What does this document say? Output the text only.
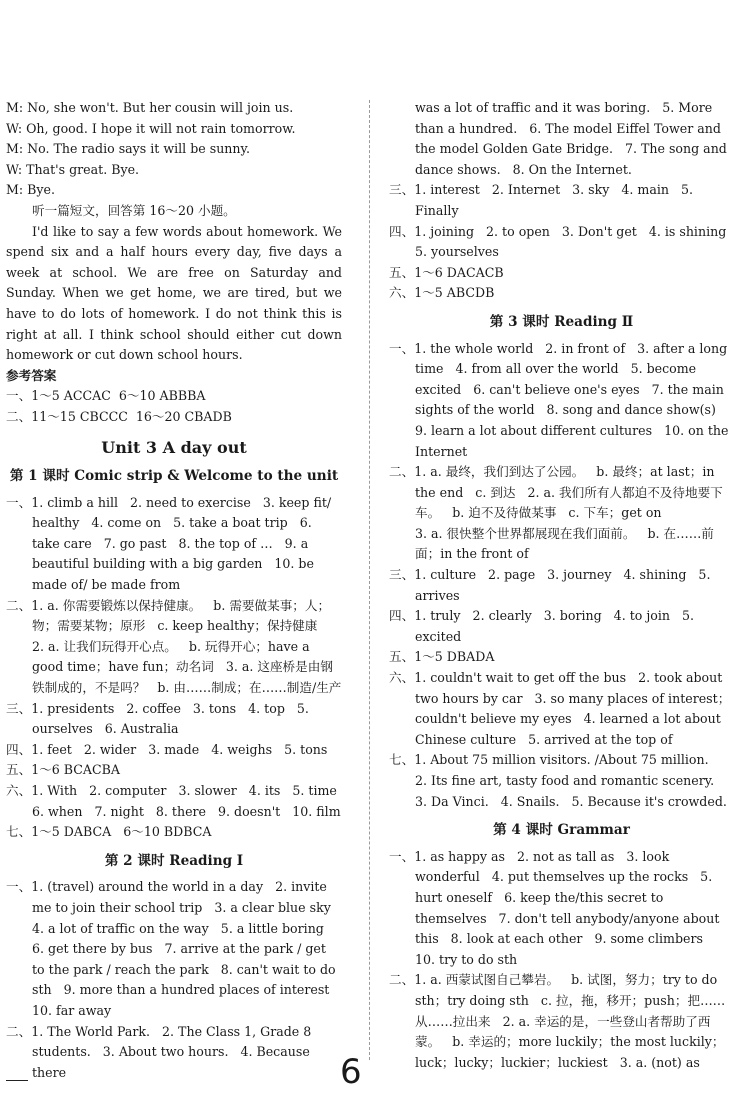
M: No, she won't. But her cousin will join us.
W: Oh, good. I hope it will not rain tomorrow.
M: No. The radio says it will be sunny.
W: That's great. Bye.
M: Bye.
听一篇短文，回答第 16～20 小题。
I'd like to say a few words about homework. We spend six and a half hours every day, five days a week at school. We are free on Saturday and Sunday. When we get home, we are tired, but we have to do lots of homework. I do not think this is right at all. I think school should either cut down homework or cut down school hours.
参考答案
一、1～5 ACCAC  6～10 ABBBA
二、11～15 CBCCC  16～20 CBADB
Unit 3 A day out
第 1 课时 Comic strip & Welcome to the unit
一、1. climb a hill   2. need to exercise   3. keep fit/ healthy   4. come on   5. take a boat trip   6. take care   7. go past   8. the top of …   9. a beautiful building with a big garden   10. be made of/ be made from
二、1. a. 你需要锻炼以保持健康。   b. 需要做某事；人；物；需要某物；原形   c. keep healthy；保持健康
2. a. 让我们玩得开心点。   b. 玩得开心；have a good time；have fun；动名词   3. a. 这座桥是由钢铁制成的，不是吗？   b. 由……制成；在……制造/生产
三、1. presidents   2. coffee   3. tons   4. top   5. ourselves   6. Australia
四、1. feet   2. wider   3. made   4. weighs   5. tons
五、1～6 BCACBA
六、1. With   2. computer   3. slower   4. its   5. time   6. when   7. night   8. there   9. doesn't   10. film
七、1～5 DABCA   6～10 BDBCA
第 2 课时 Reading Ⅰ
一、1. (travel) around the world in a day   2. invite me to join their school trip   3. a clear blue sky   4. a lot of traffic on the way   5. a little boring   6. get there by bus   7. arrive at the park / get to the park / reach the park   8. can't wait to do sth   9. more than a hundred places of interest   10. far away
二、1. The World Park.   2. The Class 1, Grade 8 students.   3. About two hours.   4. Because there
was a lot of traffic and it was boring.   5. More than a hundred.   6. The model Eiffel Tower and the model Golden Gate Bridge.   7. The song and dance shows.   8. On the Internet.
三、1. interest   2. Internet   3. sky   4. main   5. Finally
四、1. joining   2. to open   3. Don't get   4. is shining   5. yourselves
五、1～6 DACACB
六、1～5 ABCDB
第 3 课时 Reading Ⅱ
一、1. the whole world   2. in front of   3. after a long time   4. from all over the world   5. become excited   6. can't believe one's eyes   7. the main sights of the world   8. song and dance show(s)   9. learn a lot about different cultures   10. on the Internet
二、1. a. 最终，我们到达了公园。   b. 最终；at last；in the end   c. 到达   2. a. 我们所有人都迫不及待地要下车。   b. 迫不及待做某事   c. 下车；get on
3. a. 很快整个世界都展现在我们面前。   b. 在……前面；in the front of
三、1. culture   2. page   3. journey   4. shining   5. arrives
四、1. truly   2. clearly   3. boring   4. to join   5. excited
五、1～5 DBADA
六、1. couldn't wait to get off the bus   2. took about two hours by car   3. so many places of interest；couldn't believe my eyes   4. learned a lot about Chinese culture   5. arrived at the top of
七、1. About 75 million visitors. /About 75 million.
2. Its fine art, tasty food and romantic scenery.
3. Da Vinci.   4. Snails.   5. Because it's crowded.
第 4 课时 Grammar
一、1. as happy as   2. not as tall as   3. look wonderful   4. put themselves up the rocks   5. hurt oneself   6. keep the/this secret to themselves   7. don't tell anybody/anyone about this   8. look at each other   9. some climbers   10. try to do sth
二、1. a. 西蒙试图自己攀岩。   b. 试图，努力；try to do sth；try doing sth   c. 拉，拖，移开；push；把……从……拉出来   2. a. 幸运的是，一些登山者帮助了西蒙。   b. 幸运的；more luckily；the most luckily；luck；lucky；luckier；luckiest   3. a. (not) as
6
